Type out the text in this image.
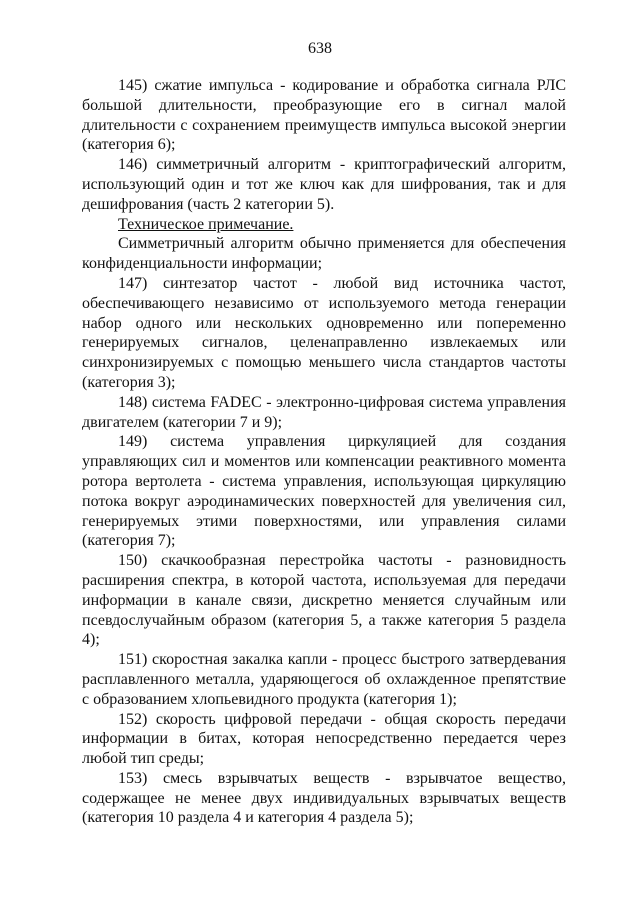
638

145) сжатие импульса - кодирование и обработка сигнала РЛС большой длительности, преобразующие его в сигнал малой длительности с сохранением преимуществ импульса высокой энергии (категория 6);

146) симметричный алгоритм - криптографический алгоритм, использующий один и тот же ключ как для шифрования, так и для дешифрования (часть 2 категории 5).

Техническое примечание.

Симметричный алгоритм обычно применяется для обеспечения конфиденциальности информации;

147) синтезатор частот - любой вид источника частот, обеспечивающего независимо от используемого метода генерации набор одного или нескольких одновременно или попеременно генерируемых сигналов, целенаправленно извлекаемых или синхронизируемых с помощью меньшего числа стандартов частоты (категория 3);

148) система FADEC - электронно-цифровая система управления двигателем (категории 7 и 9);

149) система управления циркуляцией для создания управляющих сил и моментов или компенсации реактивного момента ротора вертолета - система управления, использующая циркуляцию потока вокруг аэродинамических поверхностей для увеличения сил, генерируемых этими поверхностями, или управления силами (категория 7);

150) скачкообразная перестройка частоты - разновидность расширения спектра, в которой частота, используемая для передачи информации в канале связи, дискретно меняется случайным или псевдослучайным образом (категория 5, а также категория 5 раздела 4);

151) скоростная закалка капли - процесс быстрого затвердевания расплавленного металла, ударяющегося об охлажденное препятствие с образованием хлопьевидного продукта (категория 1);

152) скорость цифровой передачи - общая скорость передачи информации в битах, которая непосредственно передается через любой тип среды;

153) смесь взрывчатых веществ - взрывчатое вещество, содержащее не менее двух индивидуальных взрывчатых веществ (категория 10 раздела 4 и категория 4 раздела 5);
